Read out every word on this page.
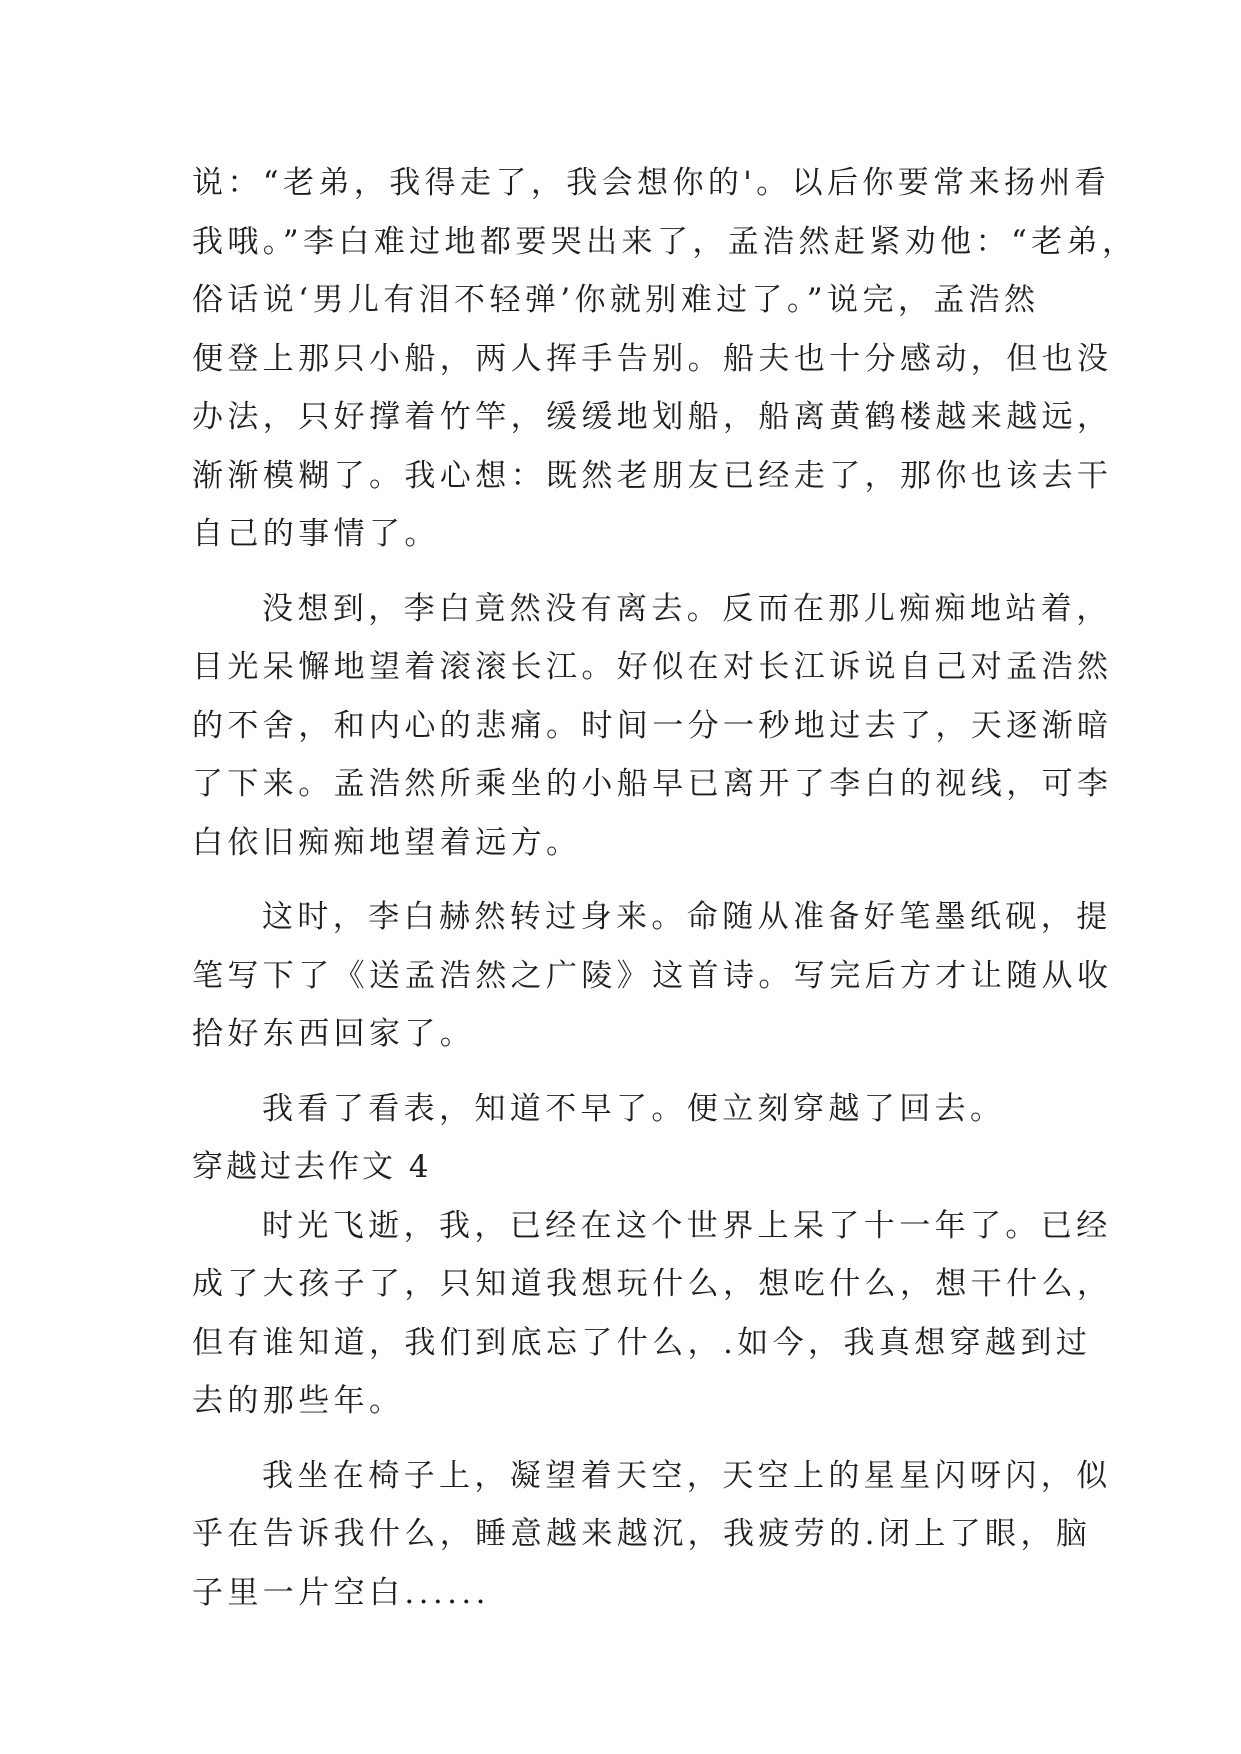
说：“老弟，我得走了，我会想你的'。以后你要常来扬州看
我哦。”李白难过地都要哭出来了，孟浩然赶紧劝他：“老弟，
俗话说‘男儿有泪不轻弹’你就别难过了。”说完，孟浩然
便登上那只小船，两人挥手告别。船夫也十分感动，但也没
办法，只好撑着竹竿，缓缓地划船，船离黄鹤楼越来越远，
渐渐模糊了。我心想：既然老朋友已经走了，那你也该去干
自己的事情了。
没想到，李白竟然没有离去。反而在那儿痴痴地站着，
目光呆懈地望着滚滚长江。好似在对长江诉说自己对孟浩然
的不舍，和内心的悲痛。时间一分一秒地过去了，天逐渐暗
了下来。孟浩然所乘坐的小船早已离开了李白的视线，可李
白依旧痴痴地望着远方。
这时，李白赫然转过身来。命随从准备好笔墨纸砚，提
笔写下了《送孟浩然之广陵》这首诗。写完后方才让随从收
拾好东西回家了。
我看了看表，知道不早了。便立刻穿越了回去。
穿越过去作文 4
时光飞逝，我，已经在这个世界上呆了十一年了。已经
成了大孩子了，只知道我想玩什么，想吃什么，想干什么，
但有谁知道，我们到底忘了什么，.如今，我真想穿越到过
去的那些年。
我坐在椅子上，凝望着天空，天空上的星星闪呀闪，似
乎在告诉我什么，睡意越来越沉，我疲劳的.闭上了眼，脑
子里一片空白......
